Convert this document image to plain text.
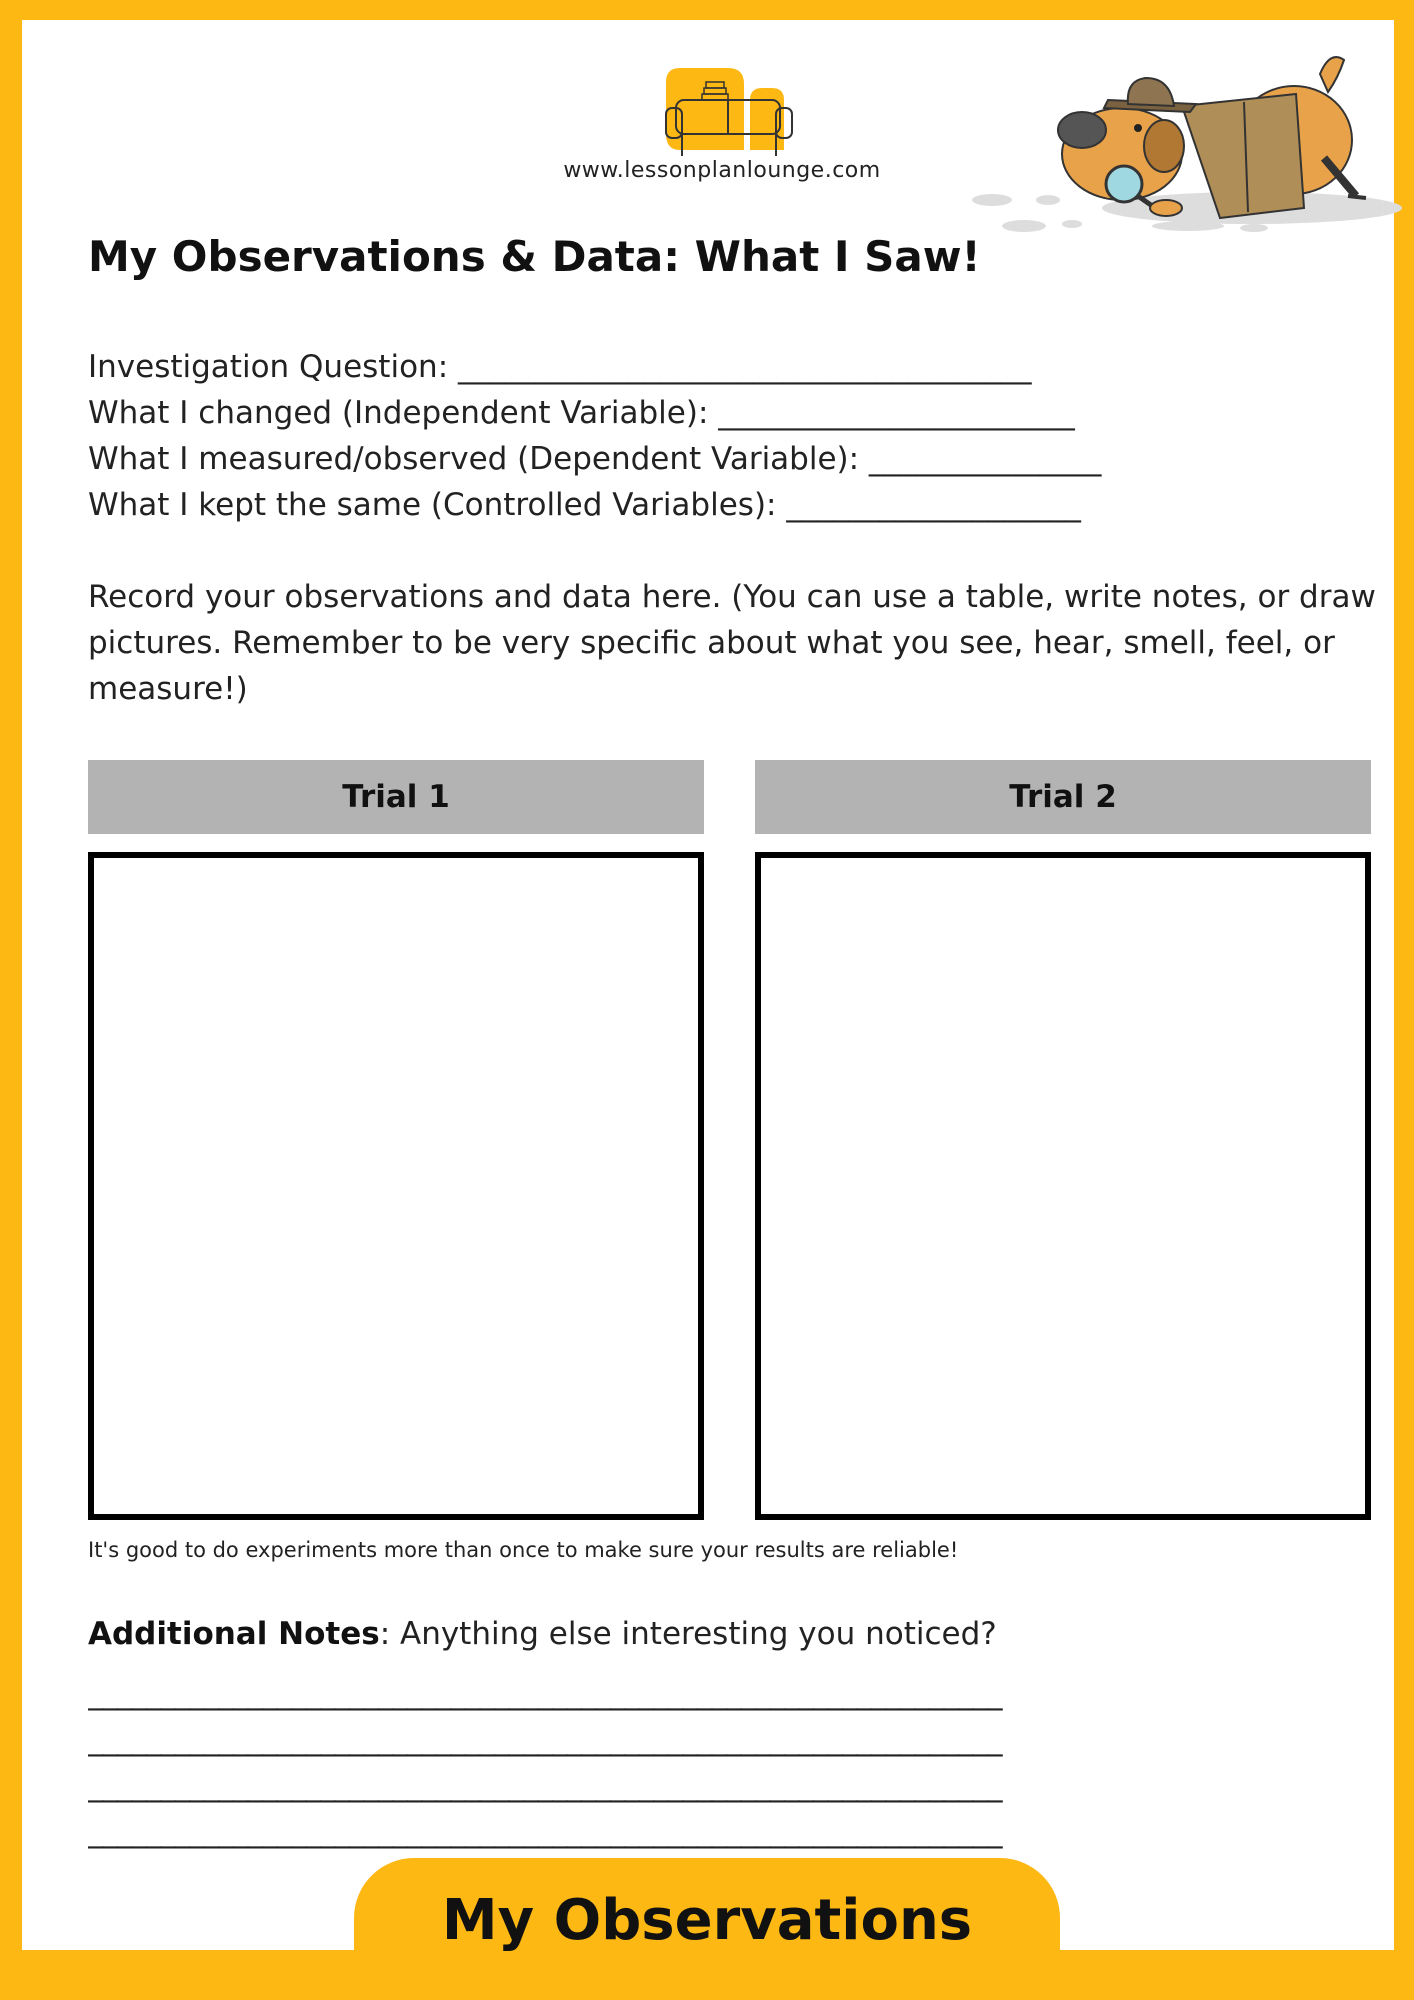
www.lessonplanlounge.com
My Observations & Data: What I Saw!
Investigation Question: _____________________________________
What I changed (Independent Variable): _______________________
What I measured/observed (Dependent Variable): _______________
What I kept the same (Controlled Variables): ___________________

Record your observations and data here. (You can use a table, write notes, or draw pictures. Remember to be very specific about what you see, hear, smell, feel, or measure!)

Trial 1	Trial 2
It's good to do experiments more than once to make sure your results are reliable!
Additional Notes: Anything else interesting you noticed?
_______________________________________________________________
_______________________________________________________________
_______________________________________________________________
_______________________________________________________________
My Observations
